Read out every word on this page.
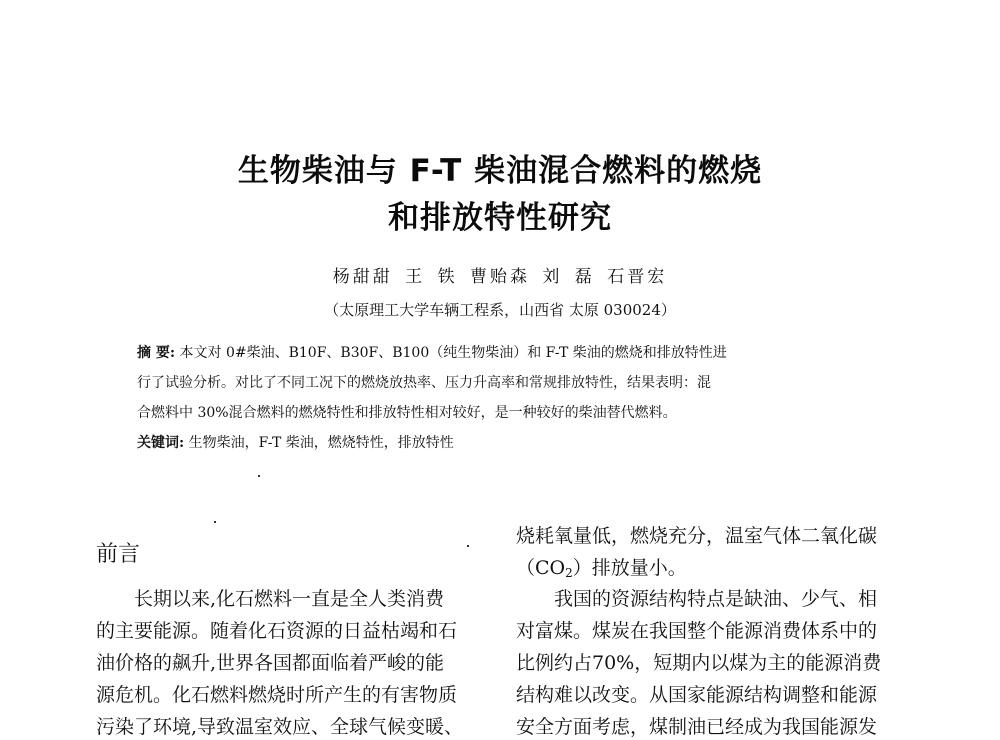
生物柴油与 F-T 柴油混合燃料的燃烧
和排放特性研究
杨甜甜 王 铁 曹贻森 刘 磊 石晋宏
（太原理工大学车辆工程系，山西省 太原 030024）
摘 要: 本文对 0#柴油、B10F、B30F、B100（纯生物柴油）和 F-T 柴油的燃烧和排放特性进
行了试验分析。对比了不同工况下的燃烧放热率、压力升高率和常规排放特性，结果表明：混
合燃料中 30%混合燃料的燃烧特性和排放特性相对较好，是一种较好的柴油替代燃料。
关键词: 生物柴油，F-T 柴油，燃烧特性，排放特性
前言
长期以来,化石燃料一直是全人类消费
的主要能源。随着化石资源的日益枯竭和石
油价格的飙升,世界各国都面临着严峻的能
源危机。化石燃料燃烧时所产生的有害物质
污染了环境,导致温室效应、全球气候变暖、
烧耗氧量低，燃烧充分，温室气体二氧化碳
$(CO_2)$排放量小。
我国的资源结构特点是缺油、少气、相
对富煤。煤炭在我国整个能源消费体系中的
比例约占70%，短期内以煤为主的能源消费
结构难以改变。从国家能源结构调整和能源
安全方面考虑，煤制油已经成为我国能源发
